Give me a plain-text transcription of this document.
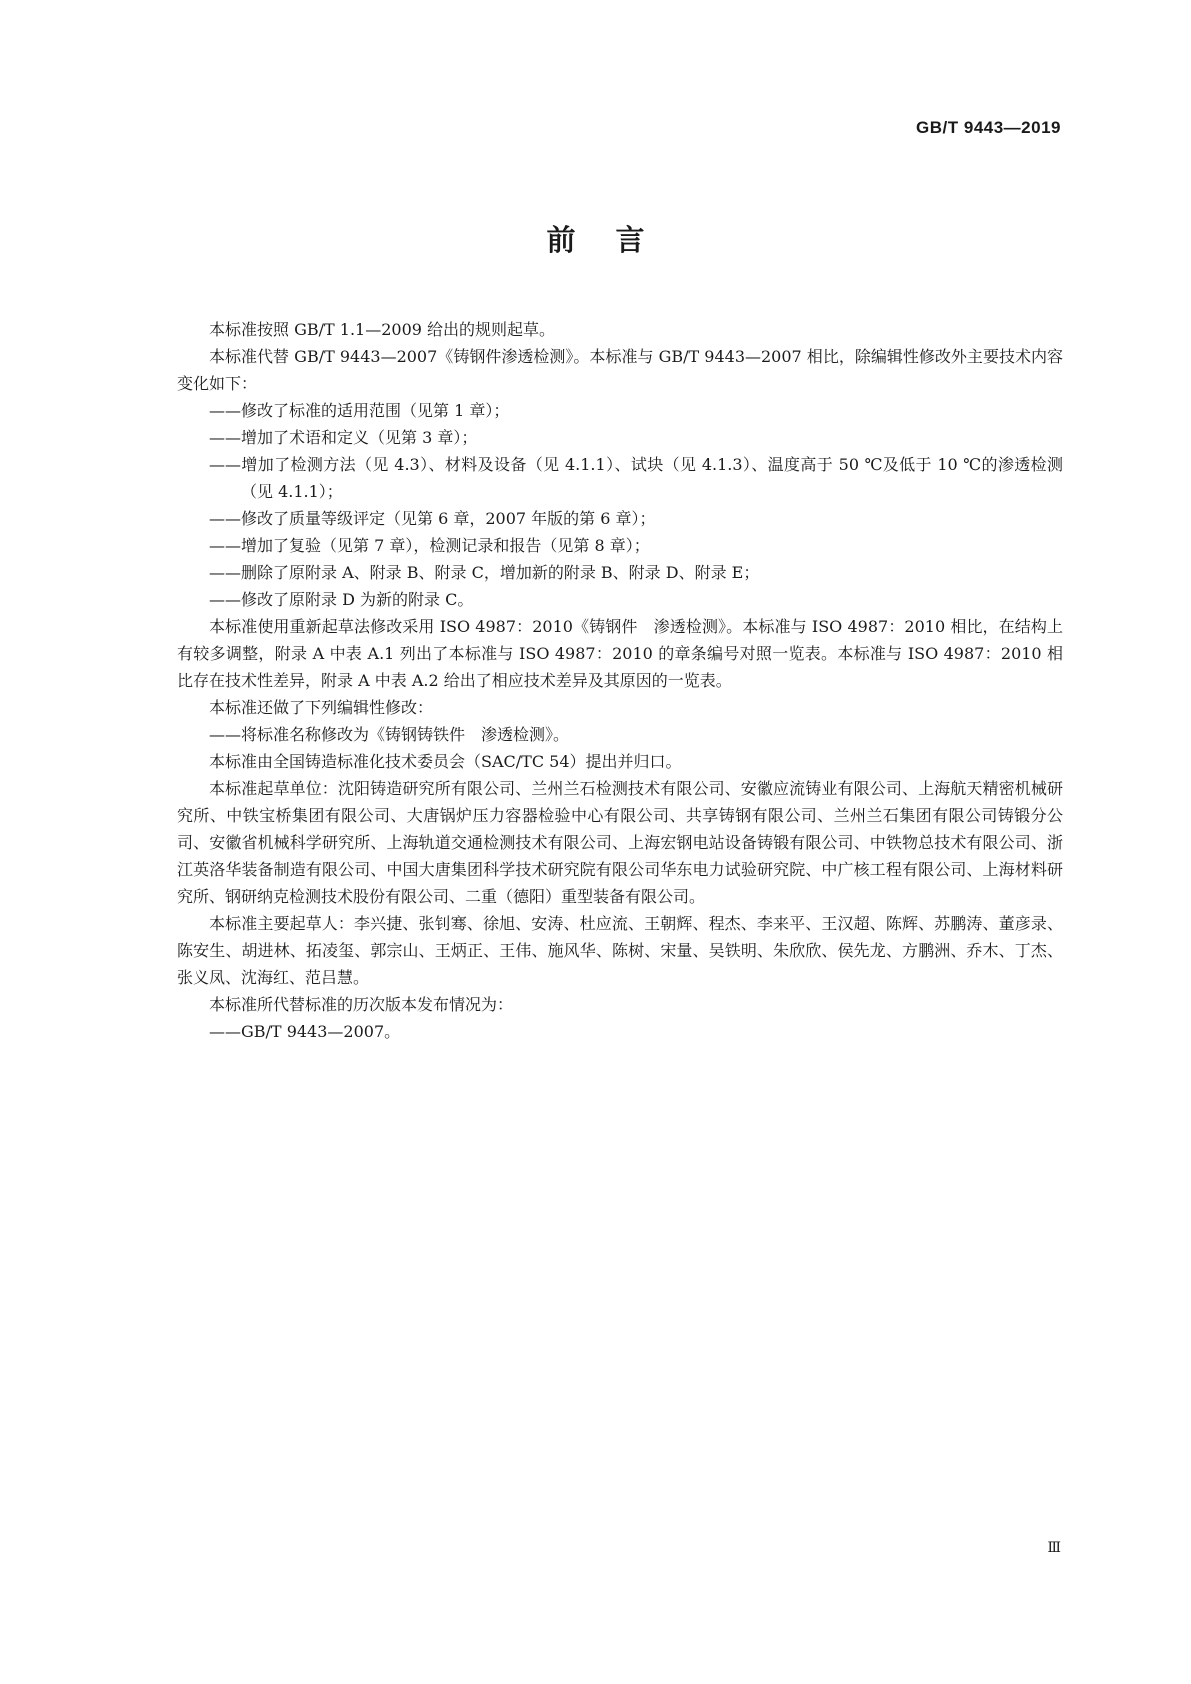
GB/T 9443—2019
前言

本标准按照 GB/T 1.1—2009 给出的规则起草。

本标准代替 GB/T 9443—2007《铸钢件渗透检测》。本标准与 GB/T 9443—2007 相比，除编辑性修改外主要技术内容变化如下：

——修改了标准的适用范围（见第 1 章）；

——增加了术语和定义（见第 3 章）；

——增加了检测方法（见 4.3）、材料及设备（见 4.1.1）、试块（见 4.1.3）、温度高于 50 ℃及低于 10 ℃的渗透检测（见 4.1.1）；

——修改了质量等级评定（见第 6 章，2007 年版的第 6 章）；

——增加了复验（见第 7 章），检测记录和报告（见第 8 章）；

——删除了原附录 A、附录 B、附录 C，增加新的附录 B、附录 D、附录 E；

——修改了原附录 D 为新的附录 C。

本标准使用重新起草法修改采用 ISO 4987：2010《铸钢件　渗透检测》。本标准与 ISO 4987：2010 相比，在结构上有较多调整，附录 A 中表 A.1 列出了本标准与 ISO 4987：2010 的章条编号对照一览表。本标准与 ISO 4987：2010 相比存在技术性差异，附录 A 中表 A.2 给出了相应技术差异及其原因的一览表。

本标准还做了下列编辑性修改：

——将标准名称修改为《铸钢铸铁件　渗透检测》。

本标准由全国铸造标准化技术委员会（SAC/TC 54）提出并归口。

本标准起草单位：沈阳铸造研究所有限公司、兰州兰石检测技术有限公司、安徽应流铸业有限公司、上海航天精密机械研究所、中铁宝桥集团有限公司、大唐锅炉压力容器检验中心有限公司、共享铸钢有限公司、兰州兰石集团有限公司铸锻分公司、安徽省机械科学研究所、上海轨道交通检测技术有限公司、上海宏钢电站设备铸锻有限公司、中铁物总技术有限公司、浙江英洛华装备制造有限公司、中国大唐集团科学技术研究院有限公司华东电力试验研究院、中广核工程有限公司、上海材料研究所、钢研纳克检测技术股份有限公司、二重（德阳）重型装备有限公司。

本标准主要起草人：李兴捷、张钊骞、徐旭、安涛、杜应流、王朝辉、程杰、李来平、王汉超、陈辉、苏鹏涛、董彦录、陈安生、胡进林、拓凌玺、郭宗山、王炳正、王伟、施风华、陈树、宋量、吴铁明、朱欣欣、侯先龙、方鹏洲、乔木、丁杰、张义凤、沈海红、范吕慧。

本标准所代替标准的历次版本发布情况为：

——GB/T 9443—2007。

Ⅲ
